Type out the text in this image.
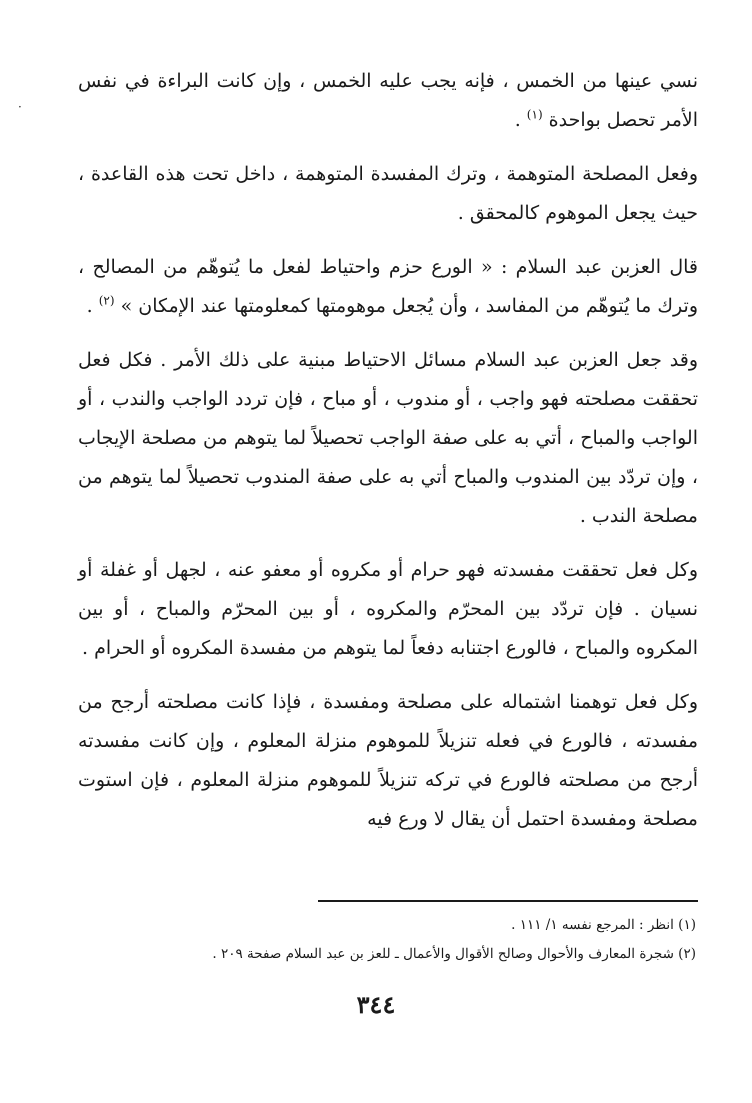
نسي عينها من الخمس ، فإنه يجب عليه الخمس ، وإن كانت البراءة في نفس الأمر تحصل بواحدة $^{(١)}$ .

وفعل المصلحة المتوهمة ، وترك المفسدة المتوهمة ، داخل تحت هذه القاعدة ، حيث يجعل الموهوم كالمحقق .

قال العزبن عبد السلام : « الورع حزم واحتياط لفعل ما يُتوهّم من المصالح ، وترك ما يُتوهّم من المفاسد ، وأن يُجعل موهومتها كمعلومتها عند الإمكان » $^{(٢)}$ .

وقد جعل العزبن عبد السلام مسائل الاحتياط مبنية على ذلك الأمر . فكل فعل تحققت مصلحته فهو واجب ، أو مندوب ، أو مباح ، فإن تردد الواجب والندب ، أو الواجب والمباح ، أتي به على صفة الواجب تحصيلاً لما يتوهم من مصلحة الإيجاب ، وإن تردّد بين المندوب والمباح أتي به على صفة المندوب تحصيلاً لما يتوهم من مصلحة الندب .

وكل فعل تحققت مفسدته فهو حرام أو مكروه أو معفو عنه ، لجهل أو غفلة أو نسيان . فإن تردّد بين المحرّم والمكروه ، أو بين المحرّم والمباح ، أو بين المكروه والمباح ، فالورع اجتنابه دفعاً لما يتوهم من مفسدة المكروه أو الحرام .

وكل فعل توهمنا اشتماله على مصلحة ومفسدة ، فإذا كانت مصلحته أرجح من مفسدته ، فالورع في فعله تنزيلاً للموهوم منزلة المعلوم ، وإن كانت مفسدته أرجح من مصلحته فالورع في تركه تنزيلاً للموهوم منزلة المعلوم ، فإن استوت مصلحة ومفسدة احتمل أن يقال لا ورع فيه

·

(١) انظر : المرجع نفسه ١/ ١١١ .

(٢) شجرة المعارف والأحوال وصالح الأقوال والأعمال ـ للعز بن عبد السلام صفحة ٢٠٩ .

٣٤٤
